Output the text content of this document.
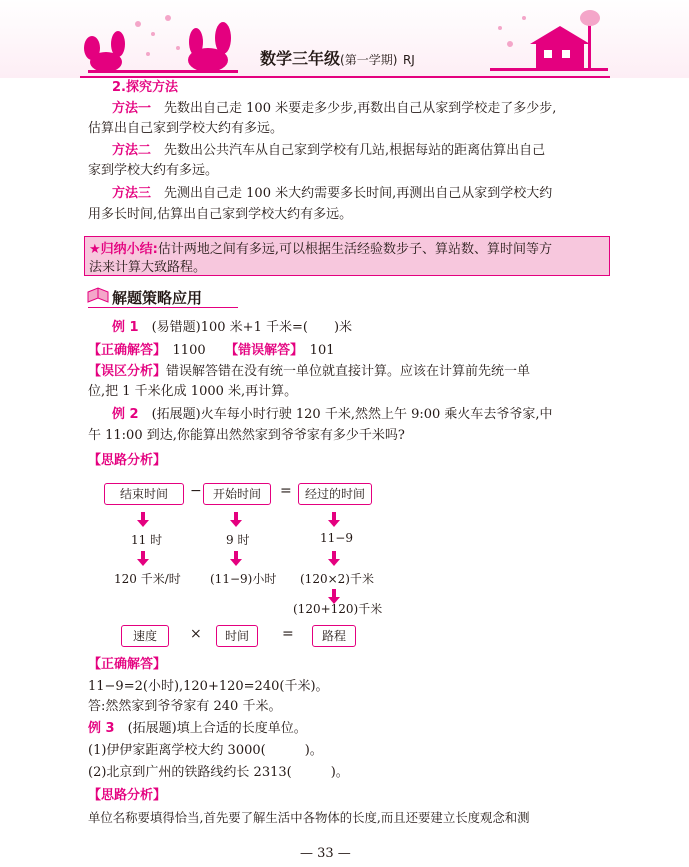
数学三年级(第一学期) RJ
2.探究方法
方法一　 先数出自己走 100 米要走多少步,再数出自己从家到学校走了多少步,
估算出自己家到学校大约有多远。
方法二　 先数出公共汽车从自己家到学校有几站,根据每站的距离估算出自己
家到学校大约有多远。
方法三　 先测出自己走 100 米大约需要多长时间,再测出自己从家到学校大约
用多长时间,估算出自己家到学校大约有多远。
★归纳小结:估计两地之间有多远,可以根据生活经验数步子、算站数、算时间等方
法来计算大致路程。
解题策略应用
例 1　 (易错题)100 米+1 千米=(　　)米
【正确解答】　 1100　　 【错误解答】　 101
【误区分析】错误解答错在没有统一单位就直接计算。应该在计算前先统一单
位,把 1 千米化成 1000 米,再计算。
例 2　 (拓展题)火车每小时行驶 120 千米,然然上午 9:00 乘火车去爷爷家,中
午 11:00 到达,你能算出然然家到爷爷家有多少千米吗?
【思路分析】
结束时间	− 开始时间	=	经过的时间
11 时	9 时	11−9
120 千米/时 (11−9)小时 (120×2)千米
(120+120)千米
速度	×	时间	=	路程
【正确解答】
11−9=2(小时),120+120=240(千米)。
答:然然家到爷爷家有 240 千米。
例 3　 (拓展题)填上合适的长度单位。
(1)伊伊家距离学校大约 3000(　　　)。
(2)北京到广州的铁路线约长 2313(　　　)。
【思路分析】
单位名称要填得恰当,首先要了解生活中各物体的长度,而且还要建立长度观念和测
— 33 —
